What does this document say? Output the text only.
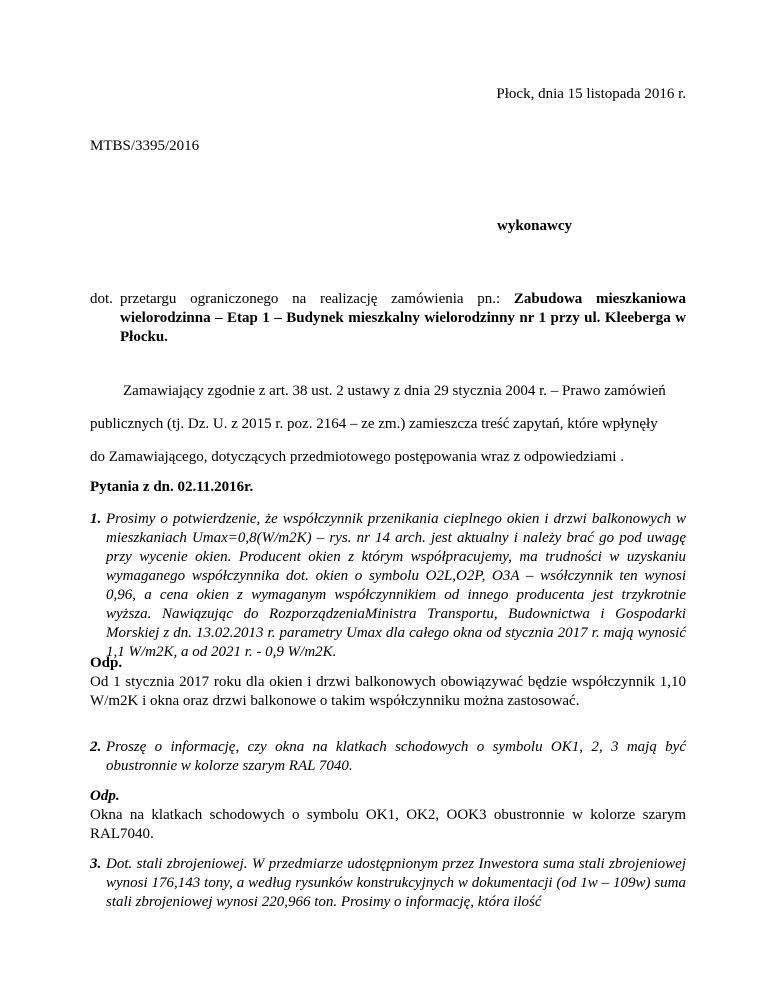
Płock, dnia 15 listopada 2016 r.
MTBS/3395/2016
wykonawcy
dot. przetargu ograniczonego na realizację zamówienia pn.: Zabudowa mieszkaniowa wielorodzinna – Etap 1 – Budynek mieszkalny wielorodzinny nr 1 przy ul. Kleeberga w Płocku.
Zamawiający zgodnie z art. 38 ust. 2 ustawy z dnia 29 stycznia 2004 r. – Prawo zamówień
publicznych (tj. Dz. U. z 2015 r. poz. 2164 – ze zm.) zamieszcza treść zapytań, które wpłynęły
do Zamawiającego, dotyczących przedmiotowego postępowania wraz z odpowiedziami .
Pytania z dn. 02.11.2016r.
1. Prosimy o potwierdzenie, że współczynnik przenikania cieplnego okien i drzwi balkonowych w mieszkaniach Umax=0,8(W/m2K) – rys. nr 14 arch. jest aktualny i należy brać go pod uwagę przy wycenie okien. Producent okien z którym współpracujemy, ma trudności w uzyskaniu wymaganego współczynnika dot. okien o symbolu O2L,O2P, O3A – wsółczynnik ten wynosi 0,96, a cena okien z wymaganym współczynnikiem od innego producenta jest trzykrotnie wyższa. Nawiązując do RozporządzeniaMinistra Transportu, Budownictwa i Gospodarki Morskiej z dn. 13.02.2013 r. parametry Umax dla całego okna od stycznia 2017 r. mają wynosić 1,1 W/m2K, a od 2021 r. - 0,9 W/m2K.
Odp.
Od 1 stycznia 2017 roku dla okien i drzwi balkonowych obowiązywać będzie współczynnik 1,10 W/m2K i okna oraz drzwi balkonowe o takim współczynniku można zastosować.
2. Proszę o informację, czy okna na klatkach schodowych o symbolu OK1, 2, 3 mają być obustronnie w kolorze szarym RAL 7040.
Odp.
Okna na klatkach schodowych o symbolu OK1, OK2, OOK3 obustronnie w kolorze szarym RAL7040.
3. Dot. stali zbrojeniowej. W przedmiarze udostępnionym przez Inwestora suma stali zbrojeniowej wynosi 176,143 tony, a według rysunków konstrukcyjnych w dokumentacji (od 1w – 109w) suma stali zbrojeniowej wynosi 220,966 ton. Prosimy o informację, która ilość
